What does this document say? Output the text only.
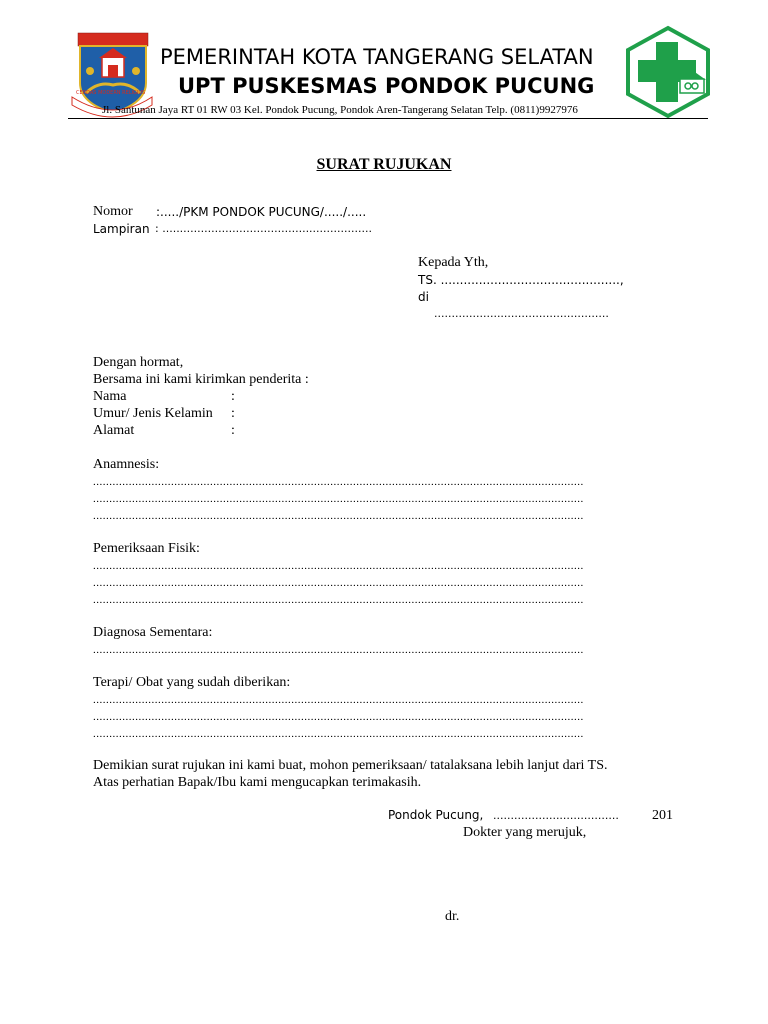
KOTA TANGERANG SELATAN

CERDAS MODERN RELIGIUS

PEMERINTAH KOTA TANGERANG SELATAN
UPT PUSKESMAS PONDOK PUCUNG
Jl. Santunan Jaya RT 01 RW 03 Kel. Pondok Pucung, Pondok Aren-Tangerang Selatan Telp. (0811)9927976
SURAT RUJUKAN
Nomor :...../PKM PONDOK PUCUNG/...../.....
Lampiran : ............................................................
Kepada Yth,
TS. ...............................................,
di
..................................................
Dengan hormat,
Bersama ini kami kirimkan penderita :
Nama	:
Umur/ Jenis Kelamin :
Alamat	:
Anamnesis:
.......................................................................................................................................................
.......................................................................................................................................................
.......................................................................................................................................................
Pemeriksaan Fisik:
.......................................................................................................................................................
.......................................................................................................................................................
.......................................................................................................................................................
Diagnosa Sementara:
.......................................................................................................................................................
Terapi/ Obat yang sudah diberikan:
.......................................................................................................................................................
.......................................................................................................................................................
.......................................................................................................................................................
Demikian surat rujukan ini kami buat, mohon pemeriksaan/ tatalaksana lebih lanjut dari TS.
Atas perhatian Bapak/Ibu kami mengucapkan terimakasih.
Pondok Pucung, .................................... 201
Dokter yang merujuk,
dr.
